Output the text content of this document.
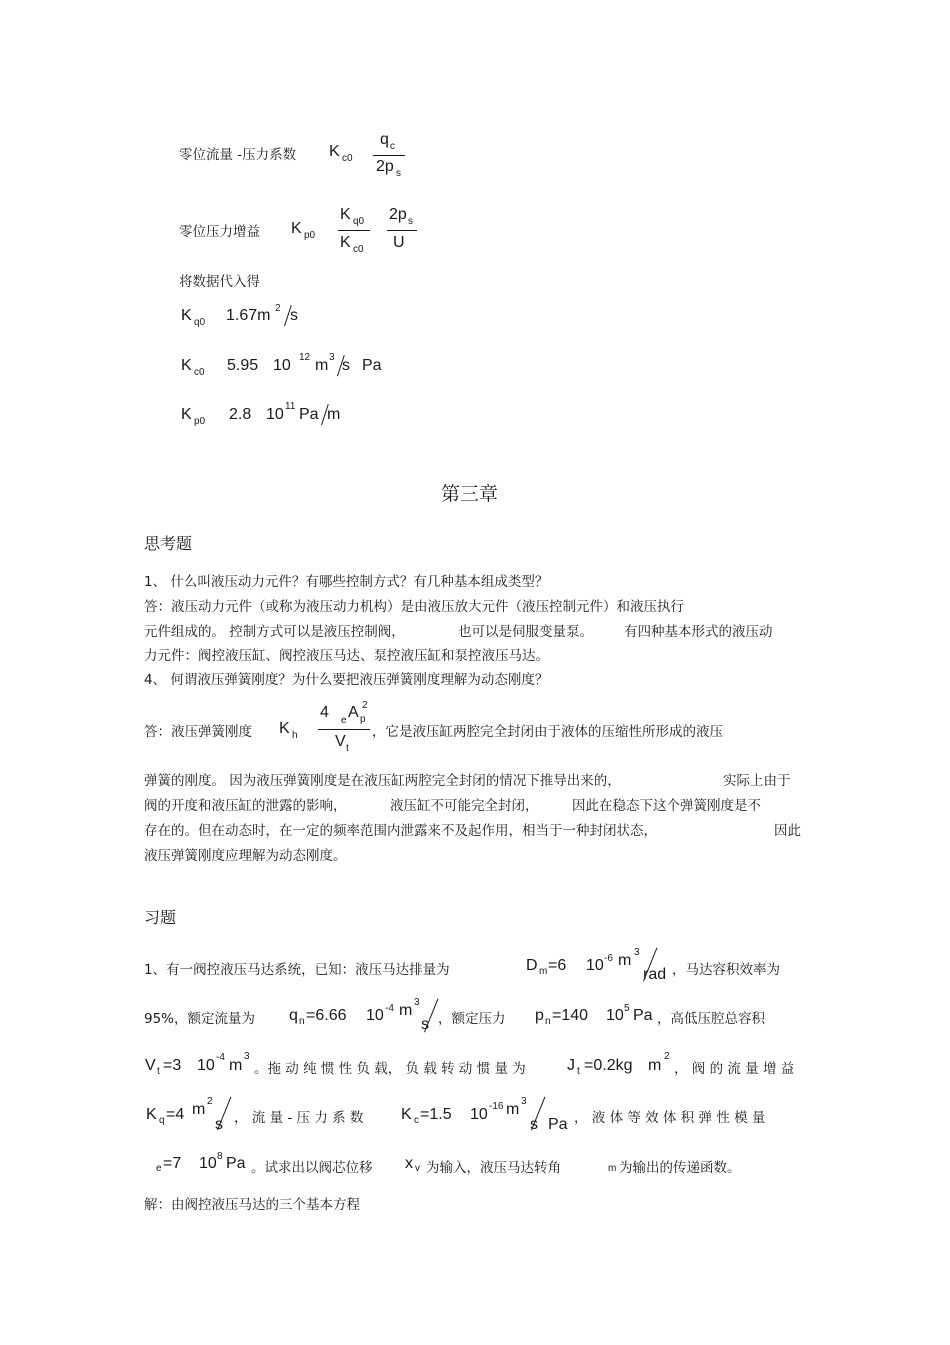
零位流量 -压力系数 K c0
q c
2p s
零位压力增益 K p0
K q0
K c0
2p s
U
将数据代入得
K q0 1.67m 2 s
K c0 5.95 10 12 m 3 s Pa
K p0 2.8 10 11 Pa m
第三章
思考题
1、 什么叫液压动力元件？有哪些控制方式？有几种基本组成类型？
答：液压动力元件（或称为液压动力机构）是由液压放大元件（液压控制元件）和液压执行
元件组成的。 控制方式可以是液压控制阀，	也可以是伺服变量泵。 有四种基本形式的液压动
力元件：阀控液压缸、阀控液压马达、泵控液压缸和泵控液压马达。
4、 何谓液压弹簧刚度？为什么要把液压弹簧刚度理解为动态刚度？
答：液压弹簧刚度 K h
4 e A p
2
V t
，它是液压缸两腔完全封闭由于液体的压缩性所形成的液压
弹簧的刚度。 因为液压弹簧刚度是在液压缸两腔完全封闭的情况下推导出来的，	实际上由于
阀的开度和液压缸的泄露的影响，	液压缸不可能完全封闭， 因此在稳态下这个弹簧刚度是不
存在的。但在动态时，在一定的频率范围内泄露来不及起作用，相当于一种封闭状态，	因此
液压弹簧刚度应理解为动态刚度。
习题
1、有一阀控液压马达系统，已知：液压马达排量为	D m =6 10 -6 m 3
rad ，马达容积效率为
95%，额定流量为 q n =6.66 10 -4 m 3
s ，额定压力 p n =140 10 5 Pa ，高低压腔总容积
V t =3 10 -4 m
3
。拖 动 纯 惯 性 负 载， 负 载 转 动 惯 量 为	J t =0.2kg m
2
， 阀 的 流 量 增 益
K q =4 m 2
s ， 流 量 - 压 力 系 数 K c =1.5 10 -16 m 3
s Pa ， 液 体 等 效 体 积 弹 性 模 量
e =7 10 8 Pa 。试求出以阀芯位移 x v 为输入，液压马达转角	m 为输出的传递函数。
解：由阀控液压马达的三个基本方程
